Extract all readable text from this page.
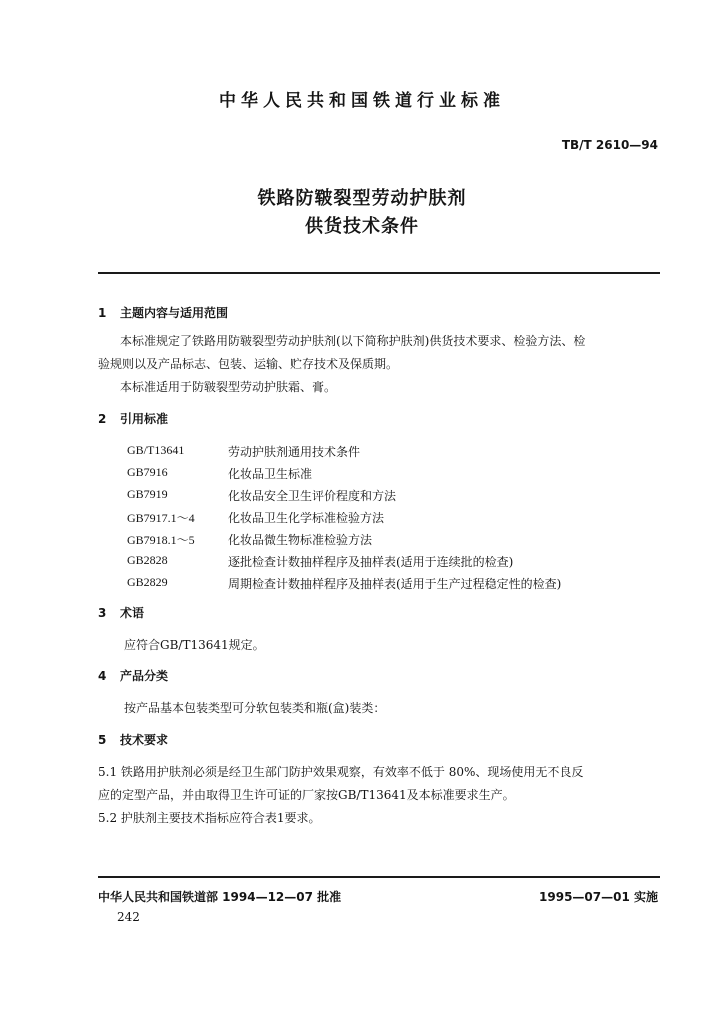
中华人民共和国铁道行业标准
TB/T 2610—94
铁路防皲裂型劳动护肤剂
供货技术条件
1 主题内容与适用范围
本标准规定了铁路用防皲裂型劳动护肤剂(以下简称护肤剂)供货技术要求、检验方法、检
验规则以及产品标志、包装、运输、贮存技术及保质期。
本标准适用于防皲裂型劳动护肤霜、膏。
2 引用标准
GB/T13641	劳动护肤剂通用技术条件
GB7916	化妆品卫生标准
GB7919	化妆品安全卫生评价程度和方法
GB7917.1～4	化妆品卫生化学标准检验方法
GB7918.1～5	化妆品微生物标准检验方法
GB2828	逐批检查计数抽样程序及抽样表(适用于连续批的检查)
GB2829	周期检查计数抽样程序及抽样表(适用于生产过程稳定性的检查)
3 术语
应符合GB/T13641规定。
4 产品分类
按产品基本包装类型可分软包装类和瓶(盒)装类：
5 技术要求
5.1 铁路用护肤剂必须是经卫生部门防护效果观察，有效率不低于 80%、现场使用无不良反
应的定型产品，并由取得卫生许可证的厂家按GB/T13641及本标准要求生产。
5.2 护肤剂主要技术指标应符合表1要求。
中华人民共和国铁道部 1994—12—07 批准	1995—07—01 实施
242
